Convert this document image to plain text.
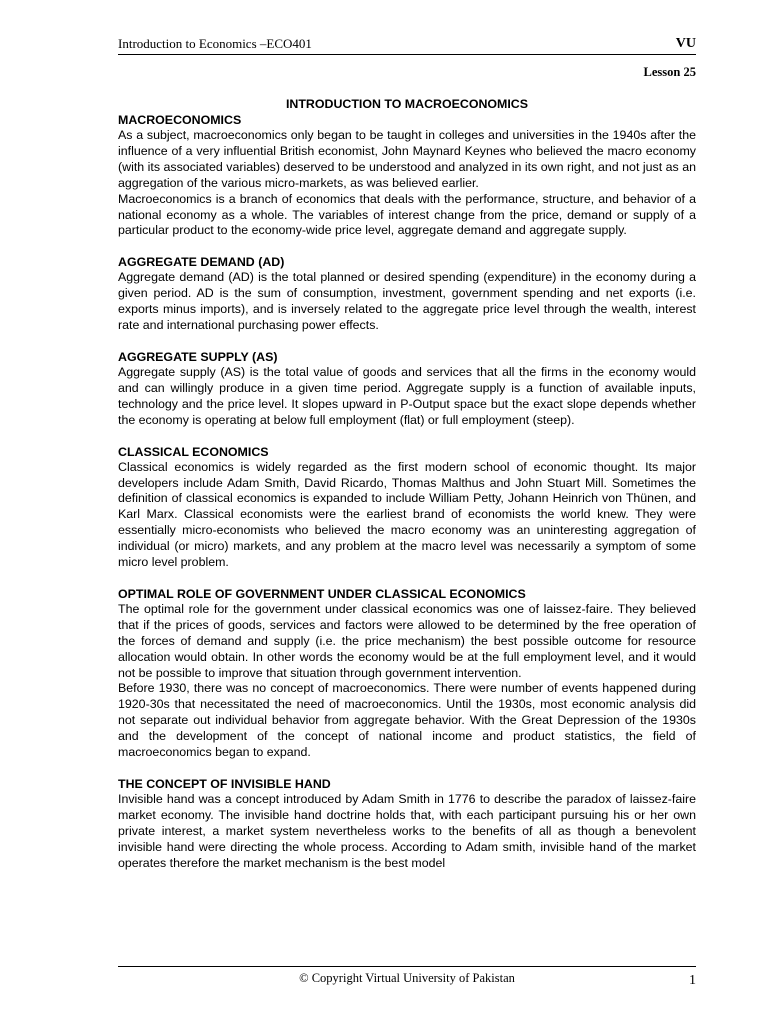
Introduction to Economics –ECO401	VU
Lesson 25
INTRODUCTION TO MACROECONOMICS
MACROECONOMICS

As a subject, macroeconomics only began to be taught in colleges and universities in the 1940s after the influence of a very influential British economist, John Maynard Keynes who believed the macro economy (with its associated variables) deserved to be understood and analyzed in its own right, and not just as an aggregation of the various micro-markets, as was believed earlier.

Macroeconomics is a branch of economics that deals with the performance, structure, and behavior of a national economy as a whole. The variables of interest change from the price, demand or supply of a particular product to the economy-wide price level, aggregate demand and aggregate supply.

AGGREGATE DEMAND (AD)

Aggregate demand (AD) is the total planned or desired spending (expenditure) in the economy during a given period. AD is the sum of consumption, investment, government spending and net exports (i.e. exports minus imports), and is inversely related to the aggregate price level through the wealth, interest rate and international purchasing power effects.

AGGREGATE SUPPLY (AS)

Aggregate supply (AS) is the total value of goods and services that all the firms in the economy would and can willingly produce in a given time period. Aggregate supply is a function of available inputs, technology and the price level. It slopes upward in P-Output space but the exact slope depends whether the economy is operating at below full employment (flat) or full employment (steep).

CLASSICAL ECONOMICS

Classical economics is widely regarded as the first modern school of economic thought. Its major developers include Adam Smith, David Ricardo, Thomas Malthus and John Stuart Mill. Sometimes the definition of classical economics is expanded to include William Petty, Johann Heinrich von Thünen, and Karl Marx. Classical economists were the earliest brand of economists the world knew. They were essentially micro-economists who believed the macro economy was an uninteresting aggregation of individual (or micro) markets, and any problem at the macro level was necessarily a symptom of some micro level problem.

OPTIMAL ROLE OF GOVERNMENT UNDER CLASSICAL ECONOMICS

The optimal role for the government under classical economics was one of laissez-faire. They believed that if the prices of goods, services and factors were allowed to be determined by the free operation of the forces of demand and supply (i.e. the price mechanism) the best possible outcome for resource allocation would obtain. In other words the economy would be at the full employment level, and it would not be possible to improve that situation through government intervention.

Before 1930, there was no concept of macroeconomics. There were number of events happened during 1920-30s that necessitated the need of macroeconomics. Until the 1930s, most economic analysis did not separate out individual behavior from aggregate behavior. With the Great Depression of the 1930s and the development of the concept of national income and product statistics, the field of macroeconomics began to expand.

THE CONCEPT OF INVISIBLE HAND

Invisible hand was a concept introduced by Adam Smith in 1776 to describe the paradox of laissez-faire market economy. The invisible hand doctrine holds that, with each participant pursuing his or her own private interest, a market system nevertheless works to the benefits of all as though a benevolent invisible hand were directing the whole process. According to Adam smith, invisible hand of the market operates therefore the market mechanism is the best model

© Copyright Virtual University of Pakistan	1
